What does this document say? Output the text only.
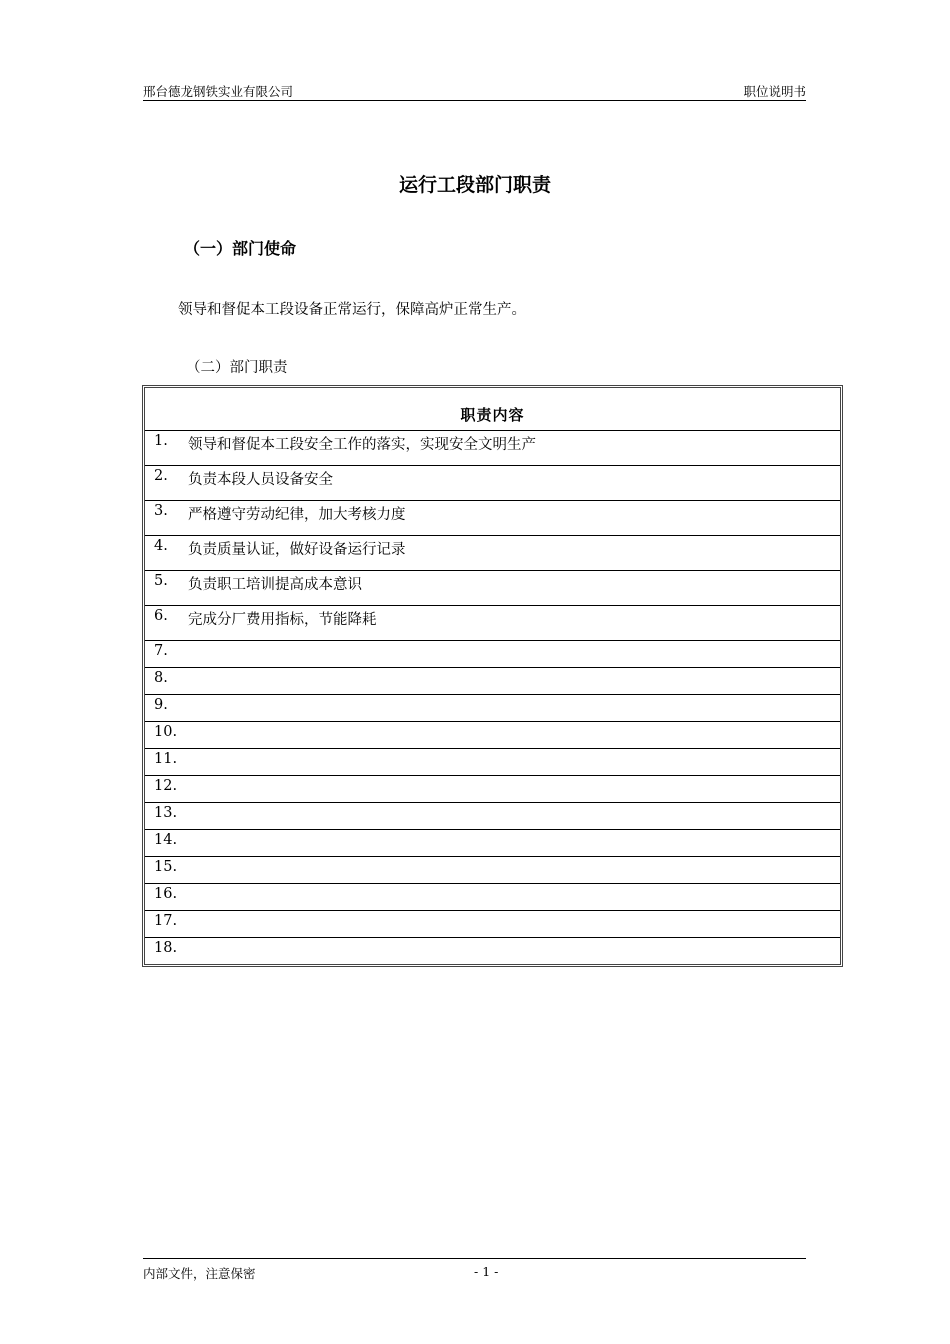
邢台德龙钢铁实业有限公司	职位说明书
运行工段部门职责
（一）部门使命
领导和督促本工段设备正常运行，保障高炉正常生产。
（二）部门职责
职责内容
1. 领导和督促本工段安全工作的落实，实现安全文明生产
2. 负责本段人员设备安全
3. 严格遵守劳动纪律，加大考核力度
4. 负责质量认证，做好设备运行记录
5. 负责职工培训提高成本意识
6. 完成分厂费用指标，节能降耗
7.
8.
9.
10.
11.
12.
13.
14.
15.
16.
17.
18.
内部文件，注意保密	- 1 -
